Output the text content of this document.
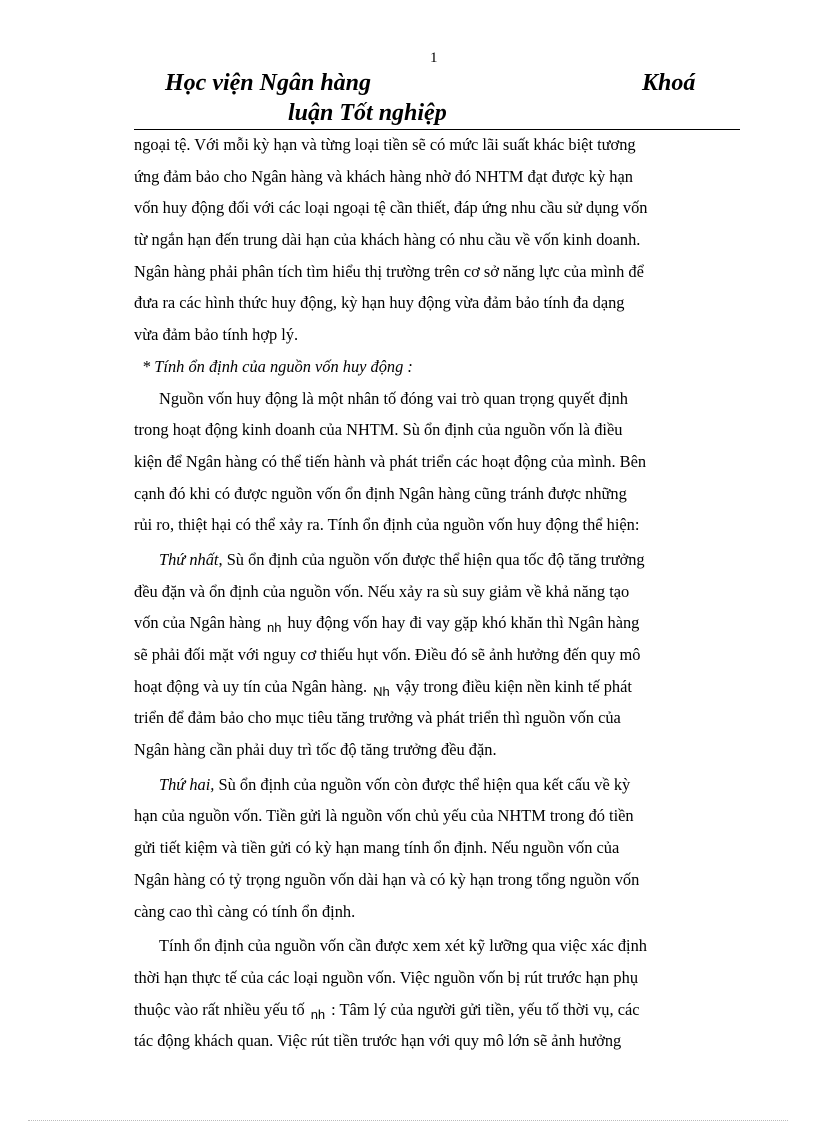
1
Học viện Ngân hàng	Khoá
luận Tốt nghiệp
ngoại tệ. Với mỗi kỳ hạn và từng loại tiền sẽ có mức lãi suất khác biệt tương
ứng đảm bảo cho Ngân hàng và khách hàng nhờ đó NHTM đạt được kỳ hạn
vốn huy động đối với các loại ngoại tệ cần thiết, đáp ứng nhu cầu sử dụng vốn
từ ngắn hạn đến trung dài hạn của khách hàng có nhu cầu về vốn kinh doanh.
Ngân hàng phải phân tích tìm hiểu thị trường trên cơ sở năng lực của mình để
đưa ra các hình thức huy động, kỳ hạn huy động vừa đảm bảo tính đa dạng
vừa đảm bảo tính hợp lý.
* Tính ổn định của nguồn vốn huy động :
Nguồn vốn huy động là một nhân tố đóng vai trò quan trọng quyết định
trong hoạt động kinh doanh của NHTM. Sù ổn định của nguồn vốn là điều
kiện để Ngân hàng có thể tiến hành và phát triển các hoạt động của mình. Bên
cạnh đó khi có được nguồn vốn ổn định Ngân hàng cũng tránh được những
rủi ro, thiệt hại có thể xảy ra. Tính ổn định của nguồn vốn huy động thể hiện:
Thứ nhất, Sù ổn định của nguồn vốn được thể hiện qua tốc độ tăng trưởng
đều đặn và ổn định của nguồn vốn. Nếu xảy ra sù suy giảm về khả năng tạo
vốn của Ngân hàng $_{nh}$ huy động vốn hay đi vay gặp khó khăn thì Ngân hàng
sẽ phải đối mặt với nguy cơ thiếu hụt vốn. Điều đó sẽ ảnh hưởng đến quy mô
hoạt động và uy tín của Ngân hàng. $_{Nh}$ vậy trong điều kiện nền kinh tế phát
triển để đảm bảo cho mục tiêu tăng trưởng và phát triển thì nguồn vốn của
Ngân hàng cần phải duy trì tốc độ tăng trưởng đều đặn.
Thứ hai, Sù ổn định của nguồn vốn còn được thể hiện qua kết cấu về kỳ
hạn của nguồn vốn. Tiền gửi là nguồn vốn chủ yếu của NHTM trong đó tiền
gửi tiết kiệm và tiền gửi có kỳ hạn mang tính ổn định. Nếu nguồn vốn của
Ngân hàng có tỷ trọng nguồn vốn dài hạn và có kỳ hạn trong tổng nguồn vốn
càng cao thì càng có tính ổn định.
Tính ổn định của nguồn vốn cần được xem xét kỹ lưỡng qua việc xác định
thời hạn thực tế của các loại nguồn vốn. Việc nguồn vốn bị rút trước hạn phụ
thuộc vào rất nhiều yếu tố $_{nh}$ : Tâm lý của người gửi tiền, yếu tố thời vụ, các
tác động khách quan. Việc rút tiền trước hạn với quy mô lớn sẽ ảnh hưởng
